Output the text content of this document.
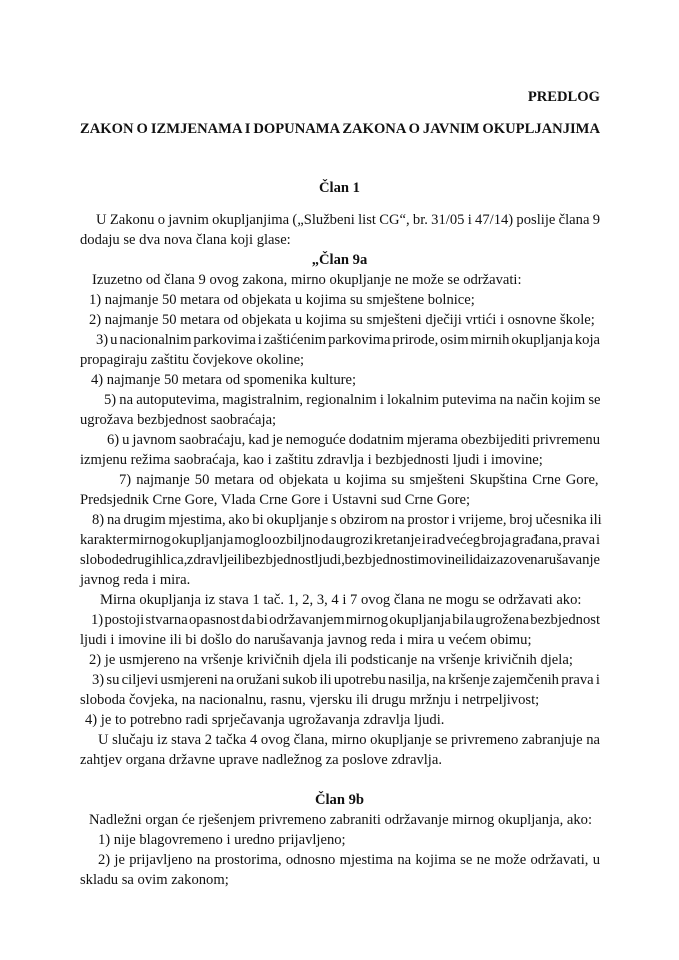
PREDLOG
ZAKON O IZMJENAMA I DOPUNAMA ZAKONA O JAVNIM OKUPLJANJIMA
Član 1
U Zakonu o javnim okupljanjima („Službeni list CG“, br. 31/05 i 47/14) poslije člana 9
dodaju se dva nova člana koji glase:
„Član 9a
Izuzetno od člana 9 ovog zakona, mirno okupljanje ne može se održavati:
1) najmanje 50 metara od objekata u kojima su smještene bolnice;
2) najmanje 50 metara od objekata u kojima su smješteni dječiji vrtići i osnovne škole;
3) u nacionalnim parkovima i zaštićenim parkovima prirode, osim mirnih okupljanja koja
propagiraju zaštitu čovjekove okoline;
4) najmanje 50 metara od spomenika kulture;
5) na autoputevima, magistralnim, regionalnim i lokalnim putevima na način kojim se
ugrožava bezbjednost saobraćaja;
6) u javnom saobraćaju, kad je nemoguće dodatnim mjerama obezbijediti privremenu
izmjenu režima saobraćaja, kao i zaštitu zdravlja i bezbjednosti ljudi i imovine;
7) najmanje 50 metara od objekata u kojima su smješteni Skupština Crne Gore,
Predsjednik Crne Gore, Vlada Crne Gore i Ustavni sud Crne Gore;
8) na drugim mjestima, ako bi okupljanje s obzirom na prostor i vrijeme, broj učesnika ili
karakter mirnog okupljanja moglo ozbiljno da ugrozi kretanje i rad većeg broja građana, prava i
slobode drugih lica, zdravlje ili bezbjednost ljudi, bezbjednost imovine ili da izazove narušavanje
javnog reda i mira.
Mirna okupljanja iz stava 1 tač. 1, 2, 3, 4 i 7 ovog člana ne mogu se održavati ako:
1) postoji stvarna opasnost da bi održavanjem mirnog okupljanja bila ugrožena bezbjednost
ljudi i imovine ili bi došlo do narušavanja javnog reda i mira u većem obimu;
2) je usmjereno na vršenje krivičnih djela ili podsticanje na vršenje krivičnih djela;
3) su ciljevi usmjereni na oružani sukob ili upotrebu nasilja, na kršenje zajemčenih prava i
sloboda čovjeka, na nacionalnu, rasnu, vjersku ili drugu mržnju i netrpeljivost;
4) je to potrebno radi sprječavanja ugrožavanja zdravlja ljudi.
U slučaju iz stava 2 tačka 4 ovog člana, mirno okupljanje se privremeno zabranjuje na
zahtjev organa državne uprave nadležnog za poslove zdravlja.
Član 9b
Nadležni organ će rješenjem privremeno zabraniti održavanje mirnog okupljanja, ako:
1) nije blagovremeno i uredno prijavljeno;
2) je prijavljeno na prostorima, odnosno mjestima na kojima se ne može održavati, u
skladu sa ovim zakonom;
